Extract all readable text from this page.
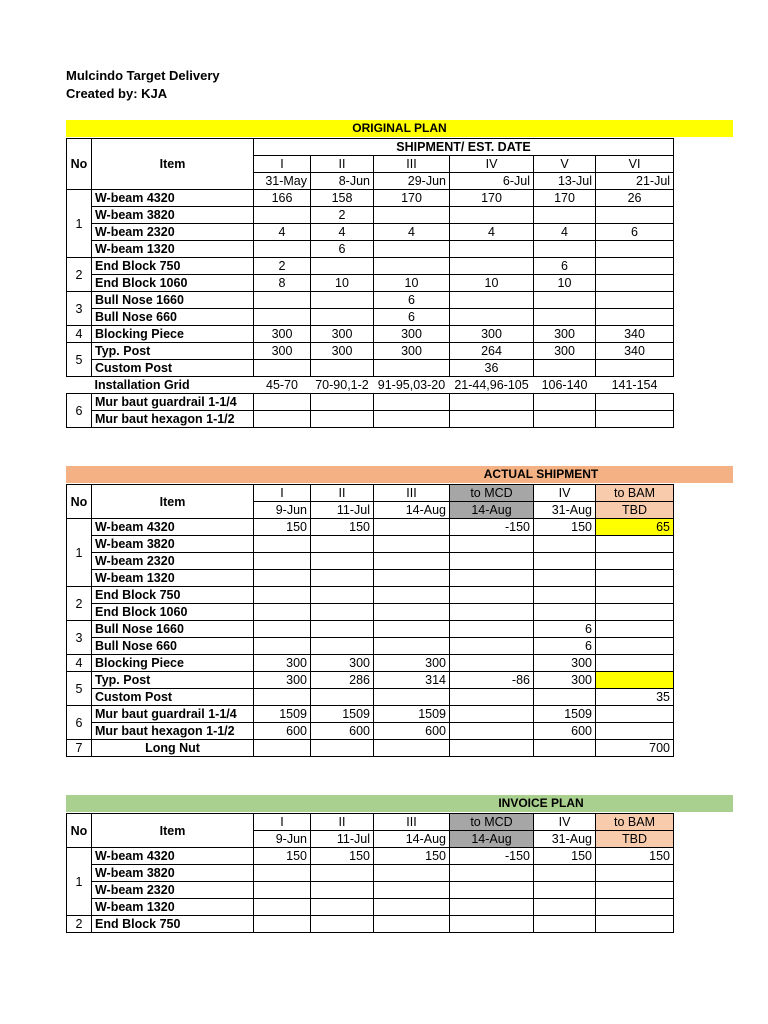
Mulcindo Target Delivery
Created by: KJA
ORIGINAL PLAN
No	Item	SHIPMENT/ EST. DATE					
		I	II	III	IV	V	VI
		31-May	8-Jun	29-Jun	6-Jul	13-Jul	21-Jul
1	W-beam 4320	166	158	170	170	170	26
	W-beam 3820		2				
	W-beam 2320	4	4	4	4	4	6
	W-beam 1320		6				
2	End Block 750	2				6	
	End Block 1060	8	10	10	10	10	
3	Bull Nose 1660			6			
	Bull Nose 660			6			
4	Blocking Piece	300	300	300	300	300	340
5	Typ. Post	300	300	300	264	300	340
	Custom Post				36		
	Installation Grid	45-70	70-90,1-2	91-95,03-20	21-44,96-105	106-140	141-154
6	Mur baut guardrail 1-1/4						
	Mur baut hexagon 1-1/2						
ACTUAL SHIPMENT
No	Item	I	II	III	to MCD	IV	to BAM
		9-Jun	11-Jul	14-Aug	14-Aug	31-Aug	TBD
1	W-beam 4320	150	150		-150	150	65
	W-beam 3820						
	W-beam 2320						
	W-beam 1320						
2	End Block 750						
	End Block 1060						
3	Bull Nose 1660					6	
	Bull Nose 660					6	
4	Blocking Piece	300	300	300		300	
5	Typ. Post	300	286	314	-86	300	
	Custom Post						35
6	Mur baut guardrail 1-1/4	1509	1509	1509		1509	
	Mur baut hexagon 1-1/2	600	600	600		600	
7	Long Nut						700
INVOICE PLAN
No	Item	I	II	III	to MCD	IV	to BAM
		9-Jun	11-Jul	14-Aug	14-Aug	31-Aug	TBD
1	W-beam 4320	150	150	150	-150	150	150
	W-beam 3820						
	W-beam 2320						
	W-beam 1320						
2	End Block 750						
